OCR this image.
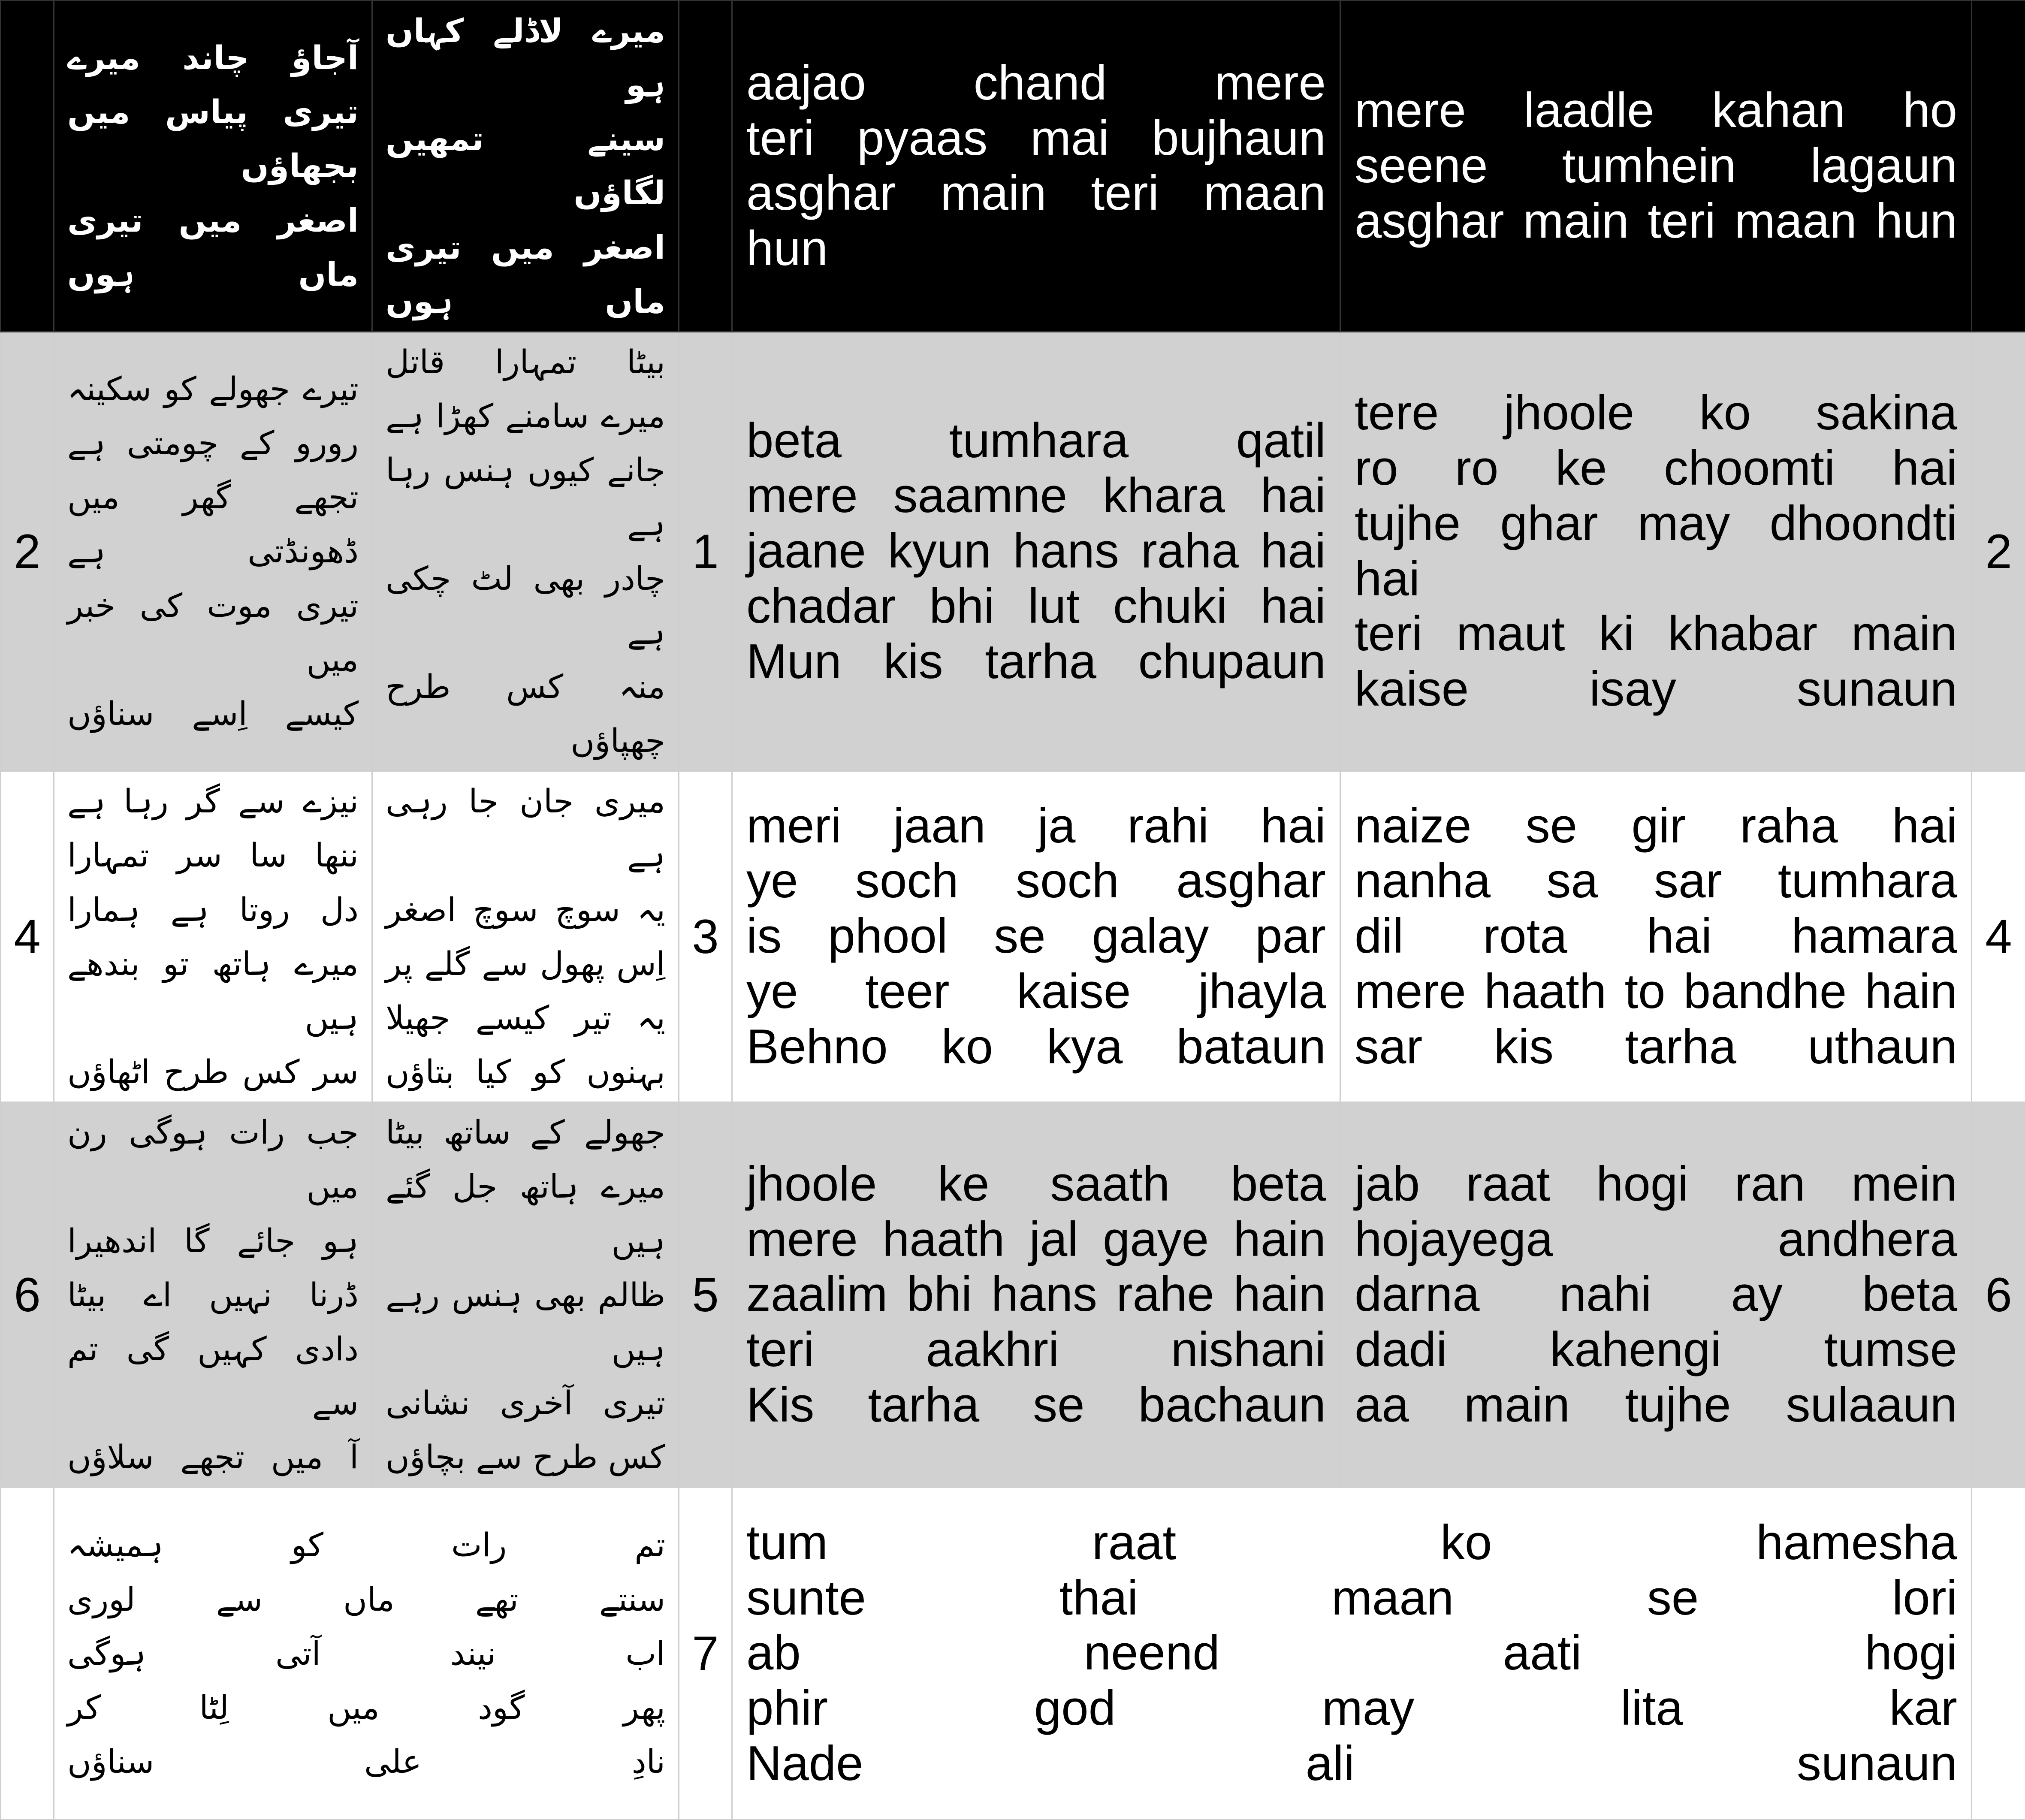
	آجاؤ چاند میرے
تیری پیاس میں بجھاؤں
اصغر میں تیری ماں ہوں	میرے لاڈلے کہاں ہو
سینے تمھیں لگاؤں
اصغر میں تیری ماں ہوں		aajao chand mere
teri pyaas mai bujhaun
asghar main teri maan hun	mere laadle kahan ho
seene tumhein lagaun
asghar main teri maan hun	
2	تیرے جھولے کو سکینہ
رورو کے چومتی ہے
تجھے گھر میں ڈھونڈتی ہے
تیری موت کی خبر میں
کیسے اِسے سناؤں	بیٹا تمہارا قاتل
میرے سامنے کھڑا ہے
جانے کیوں ہنس رہا ہے
چادر بھی لٹ چکی ہے
منہ کس طرح چھپاؤں	1	beta tumhara qatil
mere saamne khara hai
jaane kyun hans raha hai
chadar bhi lut chuki hai
Mun kis tarha chupaun	tere jhoole ko sakina
ro ro ke choomti hai
tujhe ghar may dhoondti hai
teri maut ki khabar main
kaise isay sunaun	2
4	نیزے سے گر رہا ہے
ننھا سا سر تمہارا
دل روتا ہے ہمارا
میرے ہاتھ تو بندھے ہیں
سر کس طرح اٹھاؤں	میری جان جا رہی ہے
یہ سوچ سوچ اصغر
اِس پھول سے گلے پر
یہ تیر کیسے جھیلا
بہنوں کو کیا بتاؤں	3	meri jaan ja rahi hai
ye soch soch asghar
is phool se galay par
ye teer kaise jhayla
Behno ko kya bataun	naize se gir raha hai
nanha sa sar tumhara
dil rota hai hamara
mere haath to bandhe hain
sar kis tarha uthaun	4
6	جب رات ہوگی رن میں
ہو جائے گا اندھیرا
ڈرنا نہیں اے بیٹا
دادی کہیں گی تم سے
آ میں تجھے سلاؤں	جھولے کے ساتھ بیٹا
میرے ہاتھ جل گئے ہیں
ظالم بھی ہنس رہے ہیں
تیری آخری نشانی
کس طرح سے بچاؤں	5	jhoole ke saath beta
mere haath jal gaye hain
zaalim bhi hans rahe hain
teri aakhri nishani
Kis tarha se bachaun	jab raat hogi ran mein
hojayega andhera
darna nahi ay beta
dadi kahengi tumse
aa main tujhe sulaaun	6
	تم رات کو ہمیشہ
سنتے تھے ماں سے لوری
اب نیند آتی ہوگی
پھر گود میں لِٹا کر
نادِ علی سناؤں		7	tum raat ko hamesha
sunte thai maan se lori
ab neend aati hogi
phir god may lita kar
Nade ali sunaun		
